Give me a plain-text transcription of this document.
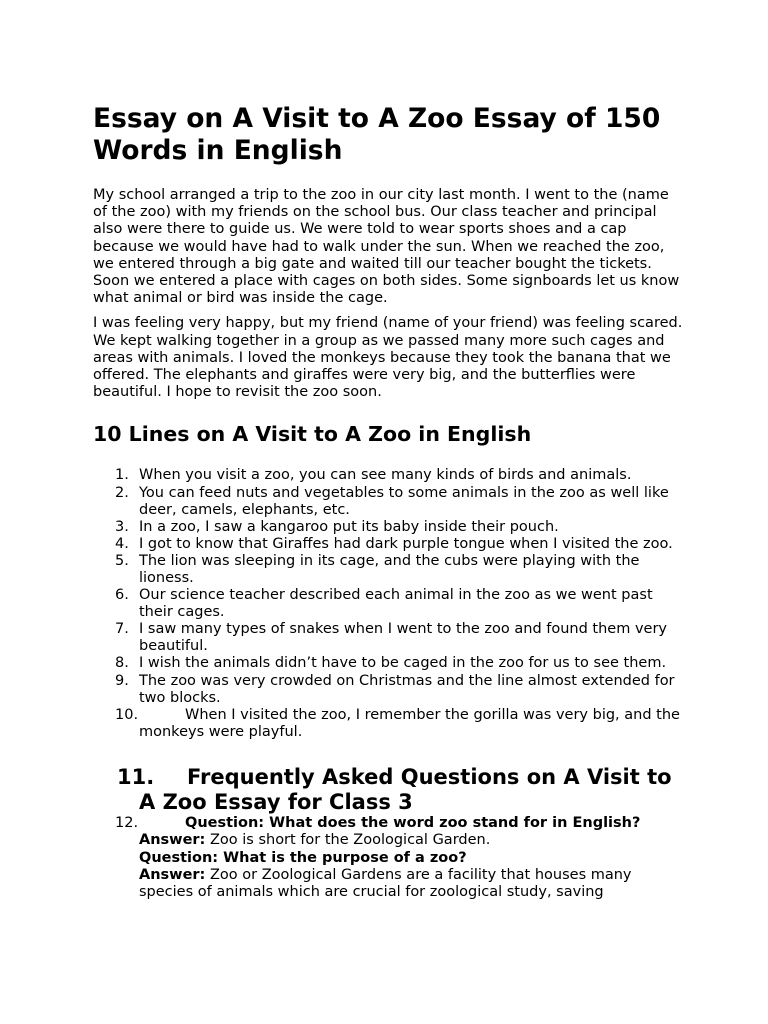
Essay on A Visit to A Zoo Essay of 150 Words in English

My school arranged a trip to the zoo in our city last month. I went to the (name of the zoo) with my friends on the school bus. Our class teacher and principal also were there to guide us. We were told to wear sports shoes and a cap because we would have had to walk under the sun. When we reached the zoo, we entered through a big gate and waited till our teacher bought the tickets. Soon we entered a place with cages on both sides. Some signboards let us know what animal or bird was inside the cage.

I was feeling very happy, but my friend (name of your friend) was feeling scared. We kept walking together in a group as we passed many more such cages and areas with animals. I loved the monkeys because they took the banana that we offered. The elephants and giraffes were very big, and the butterflies were beautiful. I hope to revisit the zoo soon.

10 Lines on A Visit to A Zoo in English
1. When you visit a zoo, you can see many kinds of birds and animals.
2. You can feed nuts and vegetables to some animals in the zoo as well like deer, camels, elephants, etc.
3. In a zoo, I saw a kangaroo put its baby inside their pouch.
4. I got to know that Giraffes had dark purple tongue when I visited the zoo.
5. The lion was sleeping in its cage, and the cubs were playing with the lioness.
6. Our science teacher described each animal in the zoo as we went past their cages.
7. I saw many types of snakes when I went to the zoo and found them very beautiful.
8. I wish the animals didn’t have to be caged in the zoo for us to see them.
9. The zoo was very crowded on Christmas and the line almost extended for two blocks.
10.	When I visited the zoo, I remember the gorilla was very big, and the monkeys were playful.
11.	Frequently Asked Questions on A Visit to A Zoo Essay for Class 3
12.	Question: What does the word zoo stand for in English?
Answer: Zoo is short for the Zoological Garden.
Question: What is the purpose of a zoo?
Answer: Zoo or Zoological Gardens are a facility that houses many species of animals which are crucial for zoological study, saving
